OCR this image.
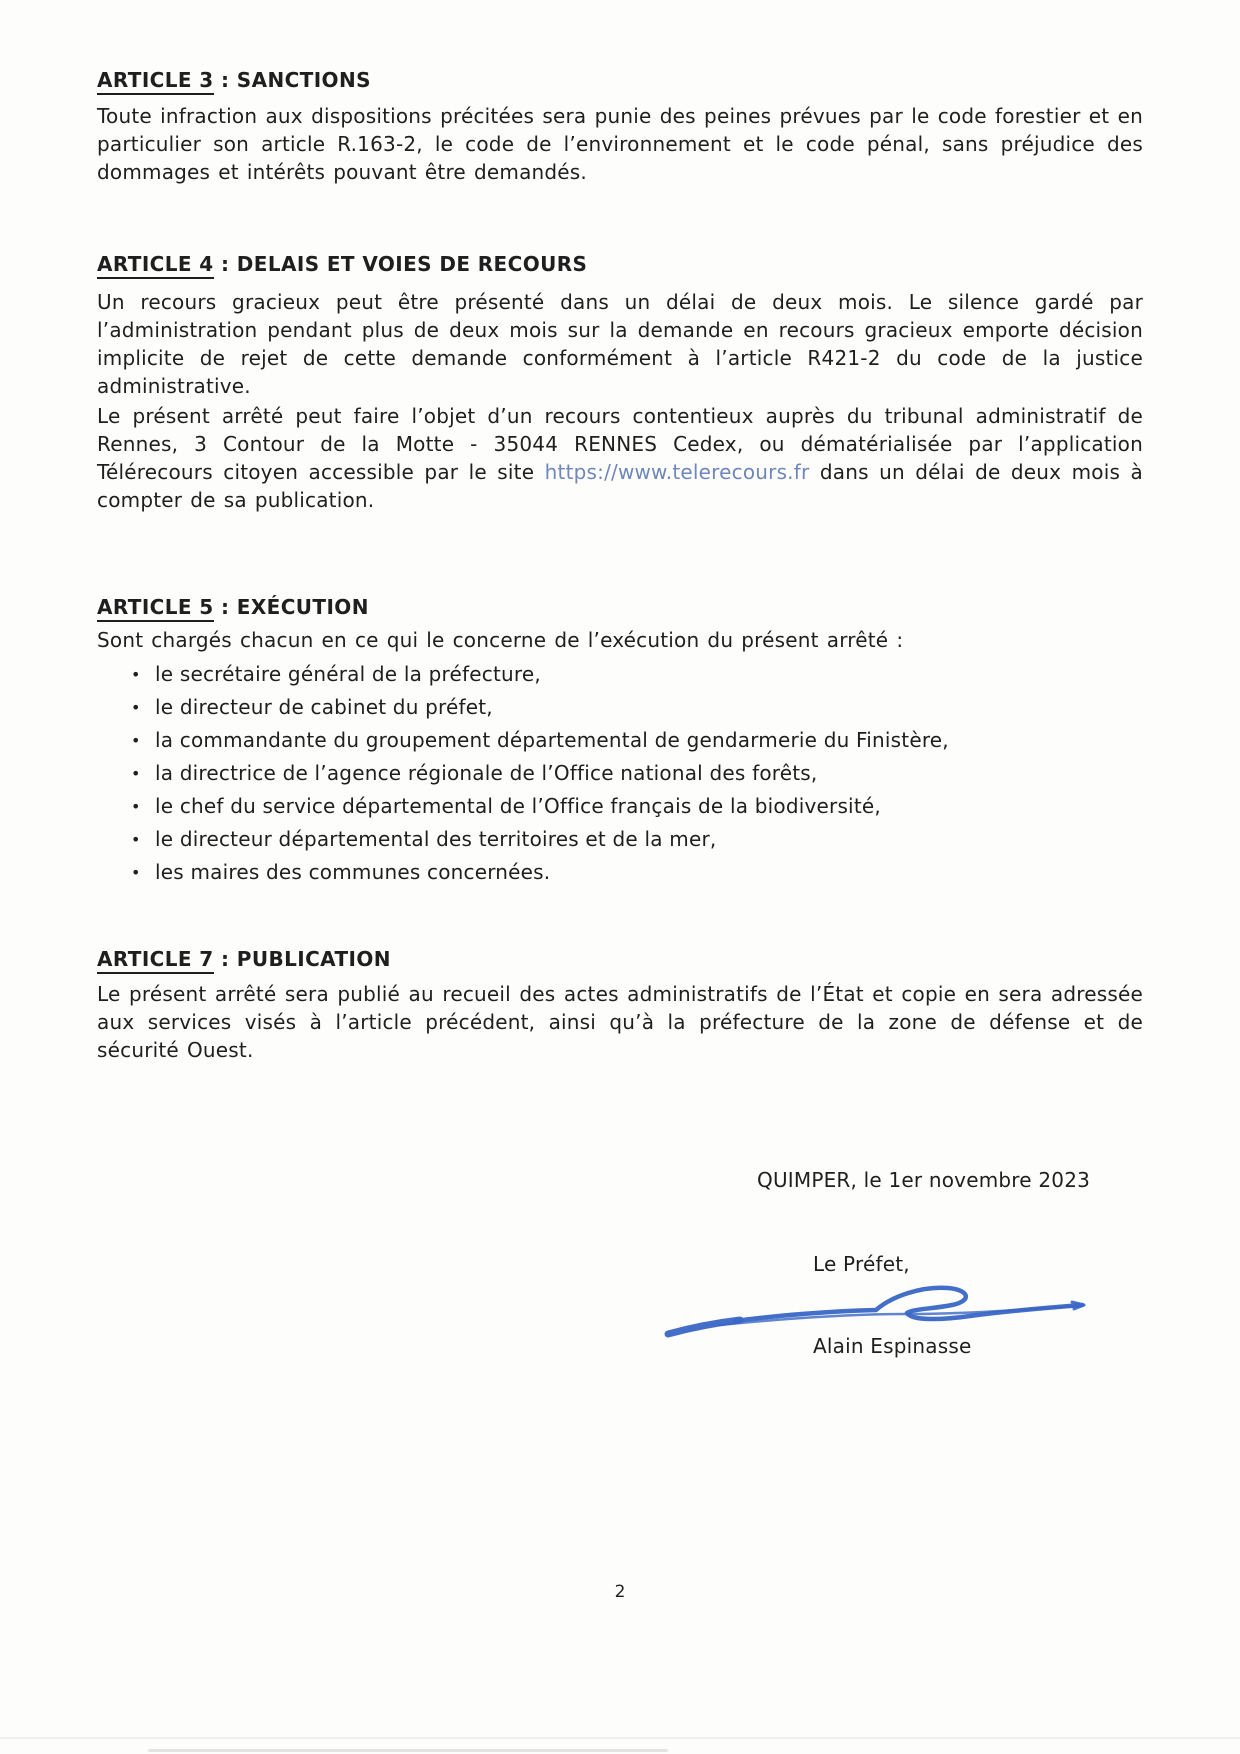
ARTICLE 3 : SANCTIONS
Toute infraction aux dispositions précitées sera punie des peines prévues par le code forestier et en particulier son article R.163-2, le code de l’environnement et le code pénal, sans préjudice des dommages et intérêts pouvant être demandés.
ARTICLE 4 : DELAIS ET VOIES DE RECOURS
Un recours gracieux peut être présenté dans un délai de deux mois. Le silence gardé par l’administration pendant plus de deux mois sur la demande en recours gracieux emporte décision implicite de rejet de cette demande conformément à l’article R421-2 du code de la justice administrative.
Le présent arrêté peut faire l’objet d’un recours contentieux auprès du tribunal administratif de Rennes, 3 Contour de la Motte - 35044 RENNES Cedex, ou dématérialisée par l’application Télérecours citoyen accessible par le site https://www.telerecours.fr dans un délai de deux mois à compter de sa publication.
ARTICLE 5 : EXÉCUTION
Sont chargés chacun en ce qui le concerne de l’exécution du présent arrêté :
• le secrétaire général de la préfecture,
• le directeur de cabinet du préfet,
• la commandante du groupement départemental de gendarmerie du Finistère,
• la directrice de l’agence régionale de l’Office national des forêts,
• le chef du service départemental de l’Office français de la biodiversité,
• le directeur départemental des territoires et de la mer,
• les maires des communes concernées.
ARTICLE 7 : PUBLICATION
Le présent arrêté sera publié au recueil des actes administratifs de l’État et copie en sera adressée aux services visés à l’article précédent, ainsi qu’à la préfecture de la zone de défense et de sécurité Ouest.
QUIMPER, le 1er novembre 2023
Le Préfet,
Alain Espinasse
2
